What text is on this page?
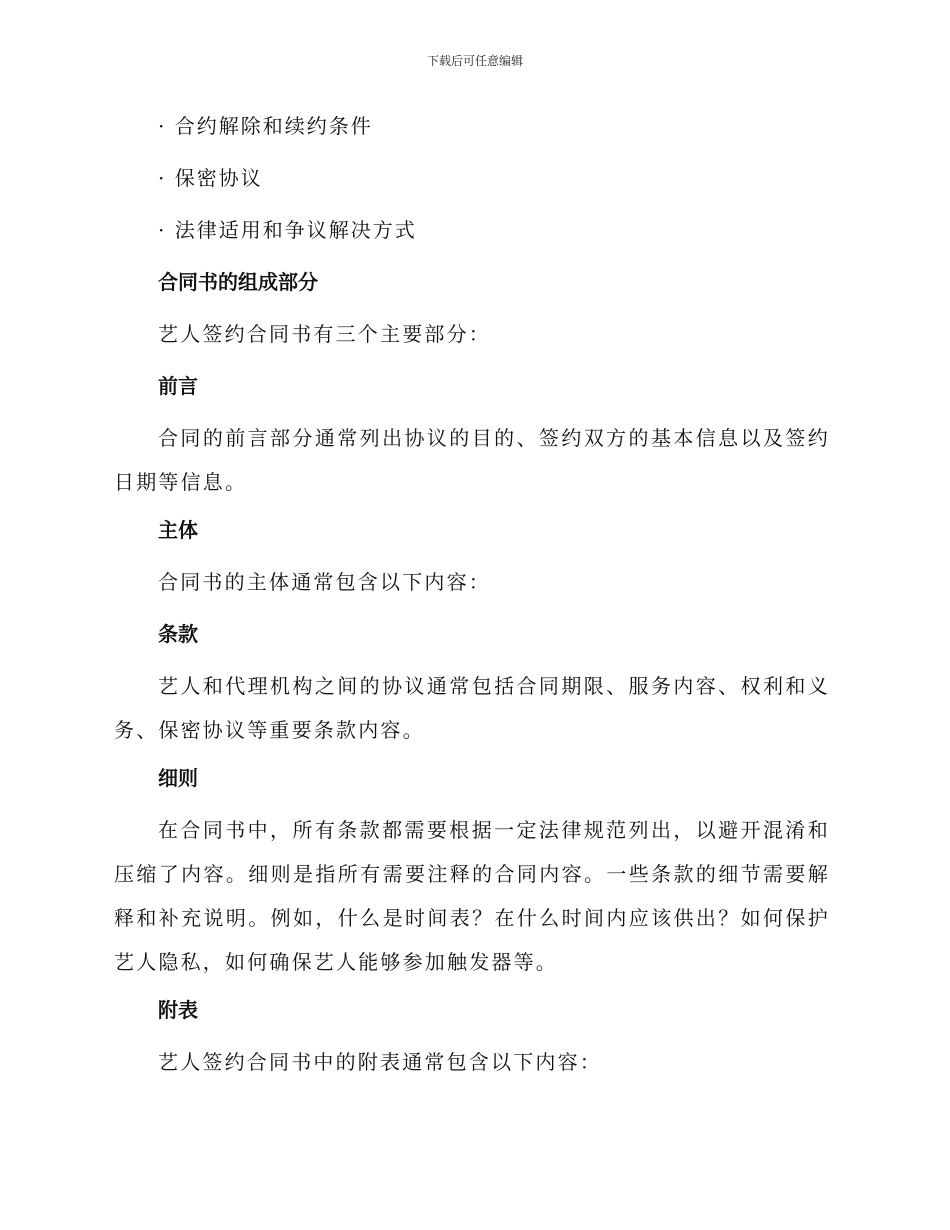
下载后可任意编辑

· 合约解除和续约条件

· 保密协议

· 法律适用和争议解决方式

合同书的组成部分

艺人签约合同书有三个主要部分：

前言

合同的前言部分通常列出协议的目的、签约双方的基本信息以及签约日期等信息。

主体

合同书的主体通常包含以下内容：

条款

艺人和代理机构之间的协议通常包括合同期限、服务内容、权利和义务、保密协议等重要条款内容。

细则

在合同书中，所有条款都需要根据一定法律规范列出，以避开混淆和压缩了内容。细则是指所有需要注释的合同内容。一些条款的细节需要解释和补充说明。例如，什么是时间表？在什么时间内应该供出？如何保护艺人隐私，如何确保艺人能够参加触发器等。

附表

艺人签约合同书中的附表通常包含以下内容：
